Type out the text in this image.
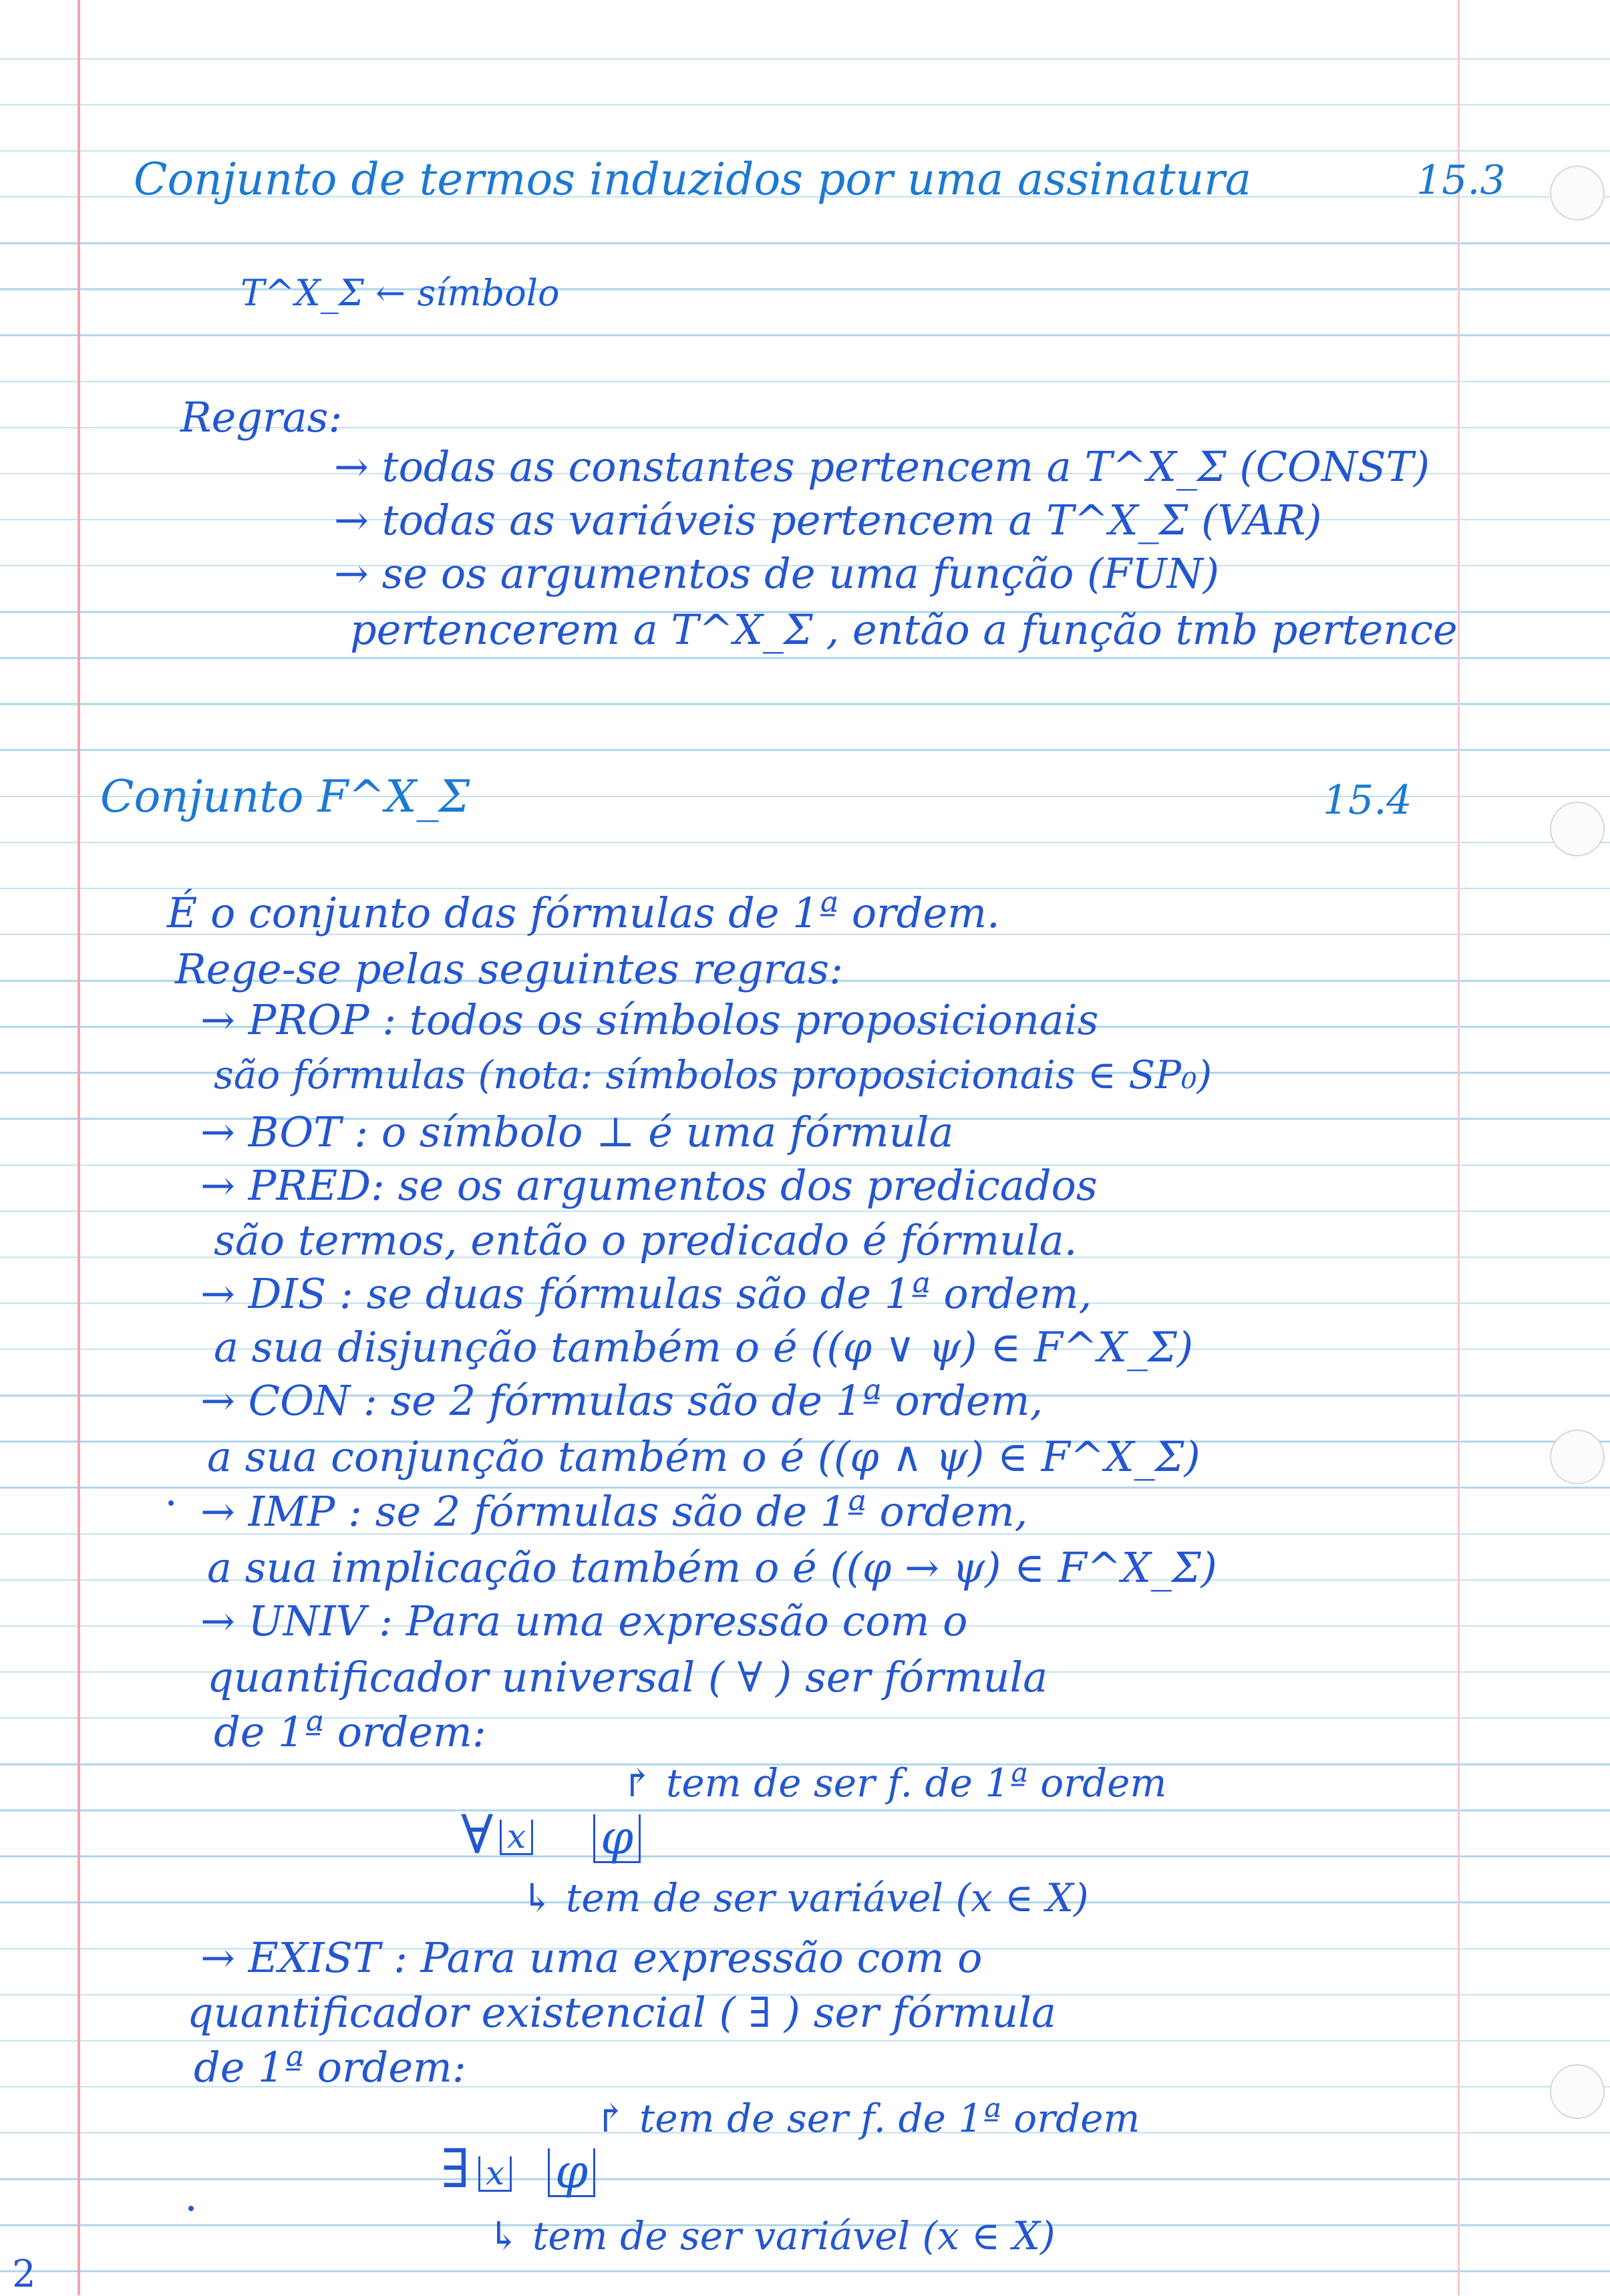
Conjunto de termos induzidos por uma assinatura	15.3
T^X_Σ ← símbolo
Regras:
→ todas as constantes pertencem a T^X_Σ (CONST)
→ todas as variáveis pertencem a T^X_Σ (VAR)
→ se os argumentos de uma função (FUN)
pertencerem a T^X_Σ , então a função tmb pertence
Conjunto F^X_Σ	15.4
É o conjunto das fórmulas de 1ª ordem.
Rege-se pelas seguintes regras:
→ PROP : todos os símbolos proposicionais
são fórmulas (nota: símbolos proposicionais ∈ SP₀)
→ BOT : o símbolo ⊥ é uma fórmula
→ PRED: se os argumentos dos predicados
são termos, então o predicado é fórmula.
→ DIS : se duas fórmulas são de 1ª ordem,
a sua disjunção também o é ((φ ∨ ψ) ∈ F^X_Σ)
→ CON : se 2 fórmulas são de 1ª ordem,
a sua conjunção também o é ((φ ∧ ψ) ∈ F^X_Σ)
→ IMP : se 2 fórmulas são de 1ª ordem,
a sua implicação também o é ((φ → ψ) ∈ F^X_Σ)
→ UNIV : Para uma expressão com o
quantificador universal ( ∀ ) ser fórmula
de 1ª ordem:
↱ tem de ser f. de 1ª ordem
∀ x φ
↳ tem de ser variável (x ∈ X)
→ EXIST : Para uma expressão com o
quantificador existencial ( ∃ ) ser fórmula
de 1ª ordem:
↱ tem de ser f. de 1ª ordem
∃ x φ
↳ tem de ser variável (x ∈ X)
2
